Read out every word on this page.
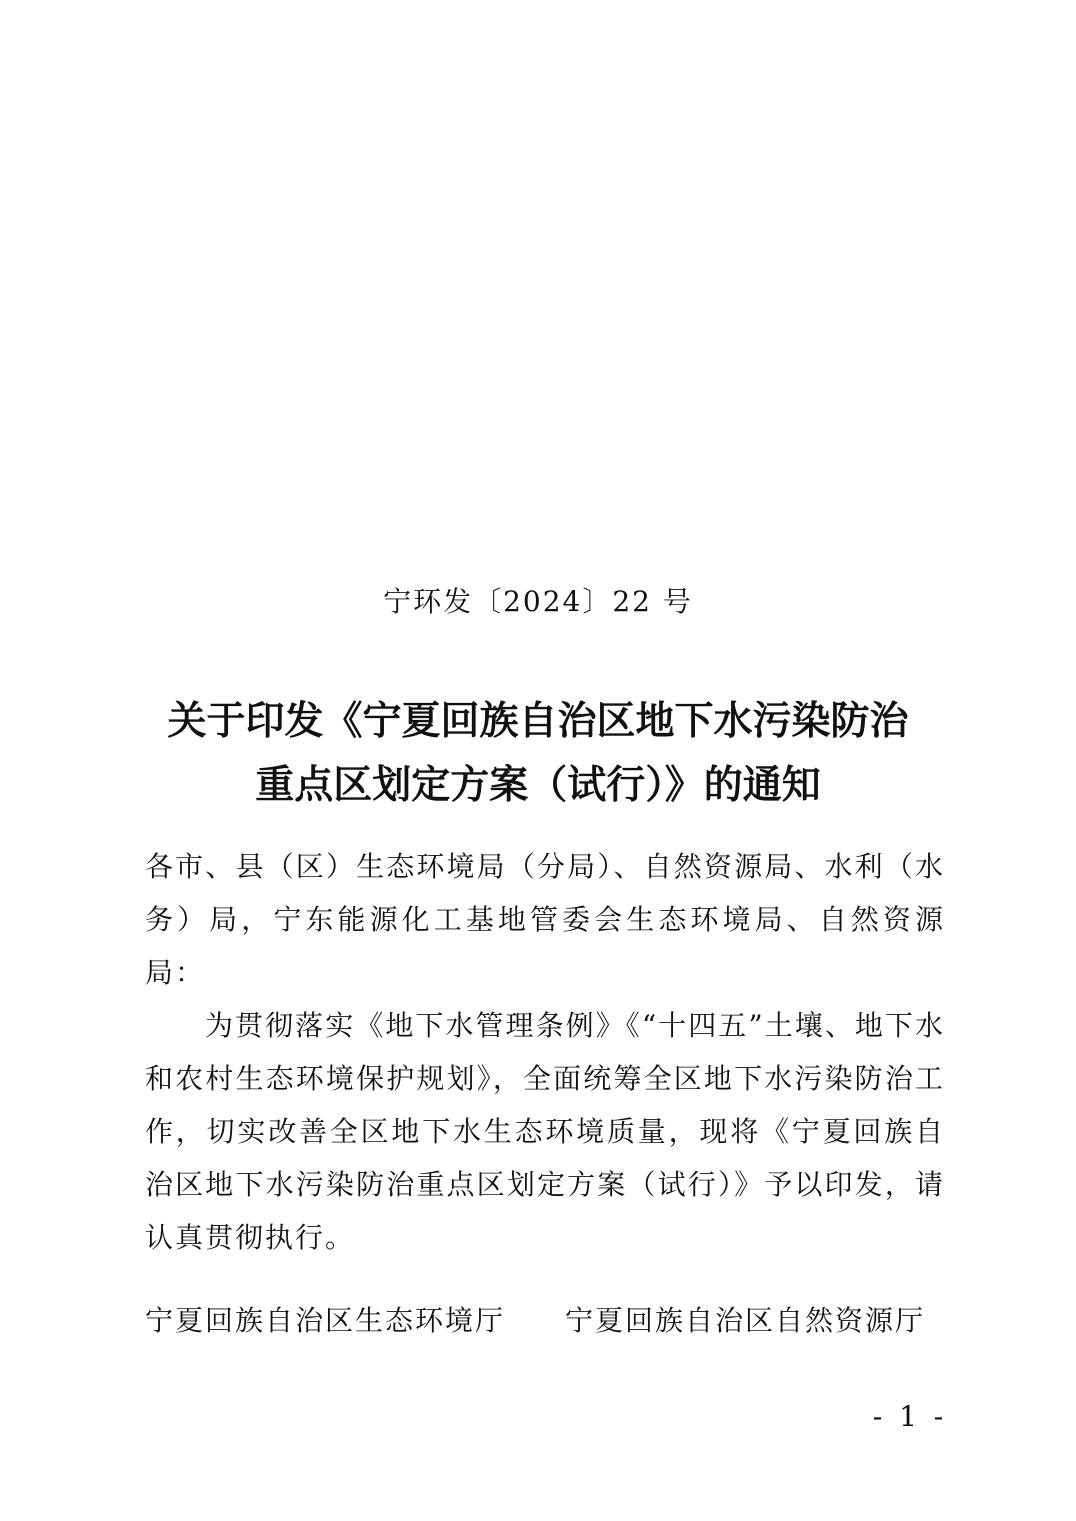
宁环发〔2024〕22 号
关于印发《宁夏回族自治区地下水污染防治
重点区划定方案（试行）》的通知

各市、县（区）生态环境局（分局）、自然资源局、水利（水务）局，宁东能源化工基地管委会生态环境局、自然资源局：

为贯彻落实《地下水管理条例》《“十四五”土壤、地下水和农村生态环境保护规划》，全面统筹全区地下水污染防治工作，切实改善全区地下水生态环境质量，现将《宁夏回族自治区地下水污染防治重点区划定方案（试行）》予以印发，请认真贯彻执行。

宁夏回族自治区生态环境厅 宁夏回族自治区自然资源厅
- 1 -
